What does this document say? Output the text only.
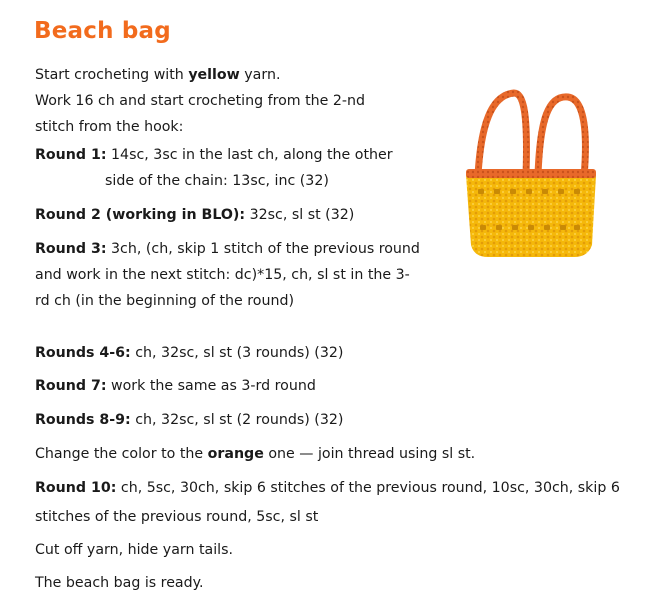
Beach bag
Start crocheting with yellow yarn.
Work 16 ch and start crocheting from the 2-nd
stitch from the hook:
Round 1: 14sc, 3sc in the last ch, along the other
side of the chain: 13sc, inc (32)
Round 2 (working in BLO): 32sc, sl st (32)
Round 3: 3ch, (ch, skip 1 stitch of the previous round
and work in the next stitch: dc)*15, ch, sl st in the 3-
rd ch (in the beginning of the round)
Rounds 4-6: ch, 32sc, sl st (3 rounds) (32)
Round 7: work the same as 3-rd round
Rounds 8-9: ch, 32sc, sl st (2 rounds) (32)
Change the color to the orange one — join thread using sl st.
Round 10: ch, 5sc, 30ch, skip 6 stitches of the previous round, 10sc, 30ch, skip 6
stitches of the previous round, 5sc, sl st
Cut off yarn, hide yarn tails.
The beach bag is ready.
